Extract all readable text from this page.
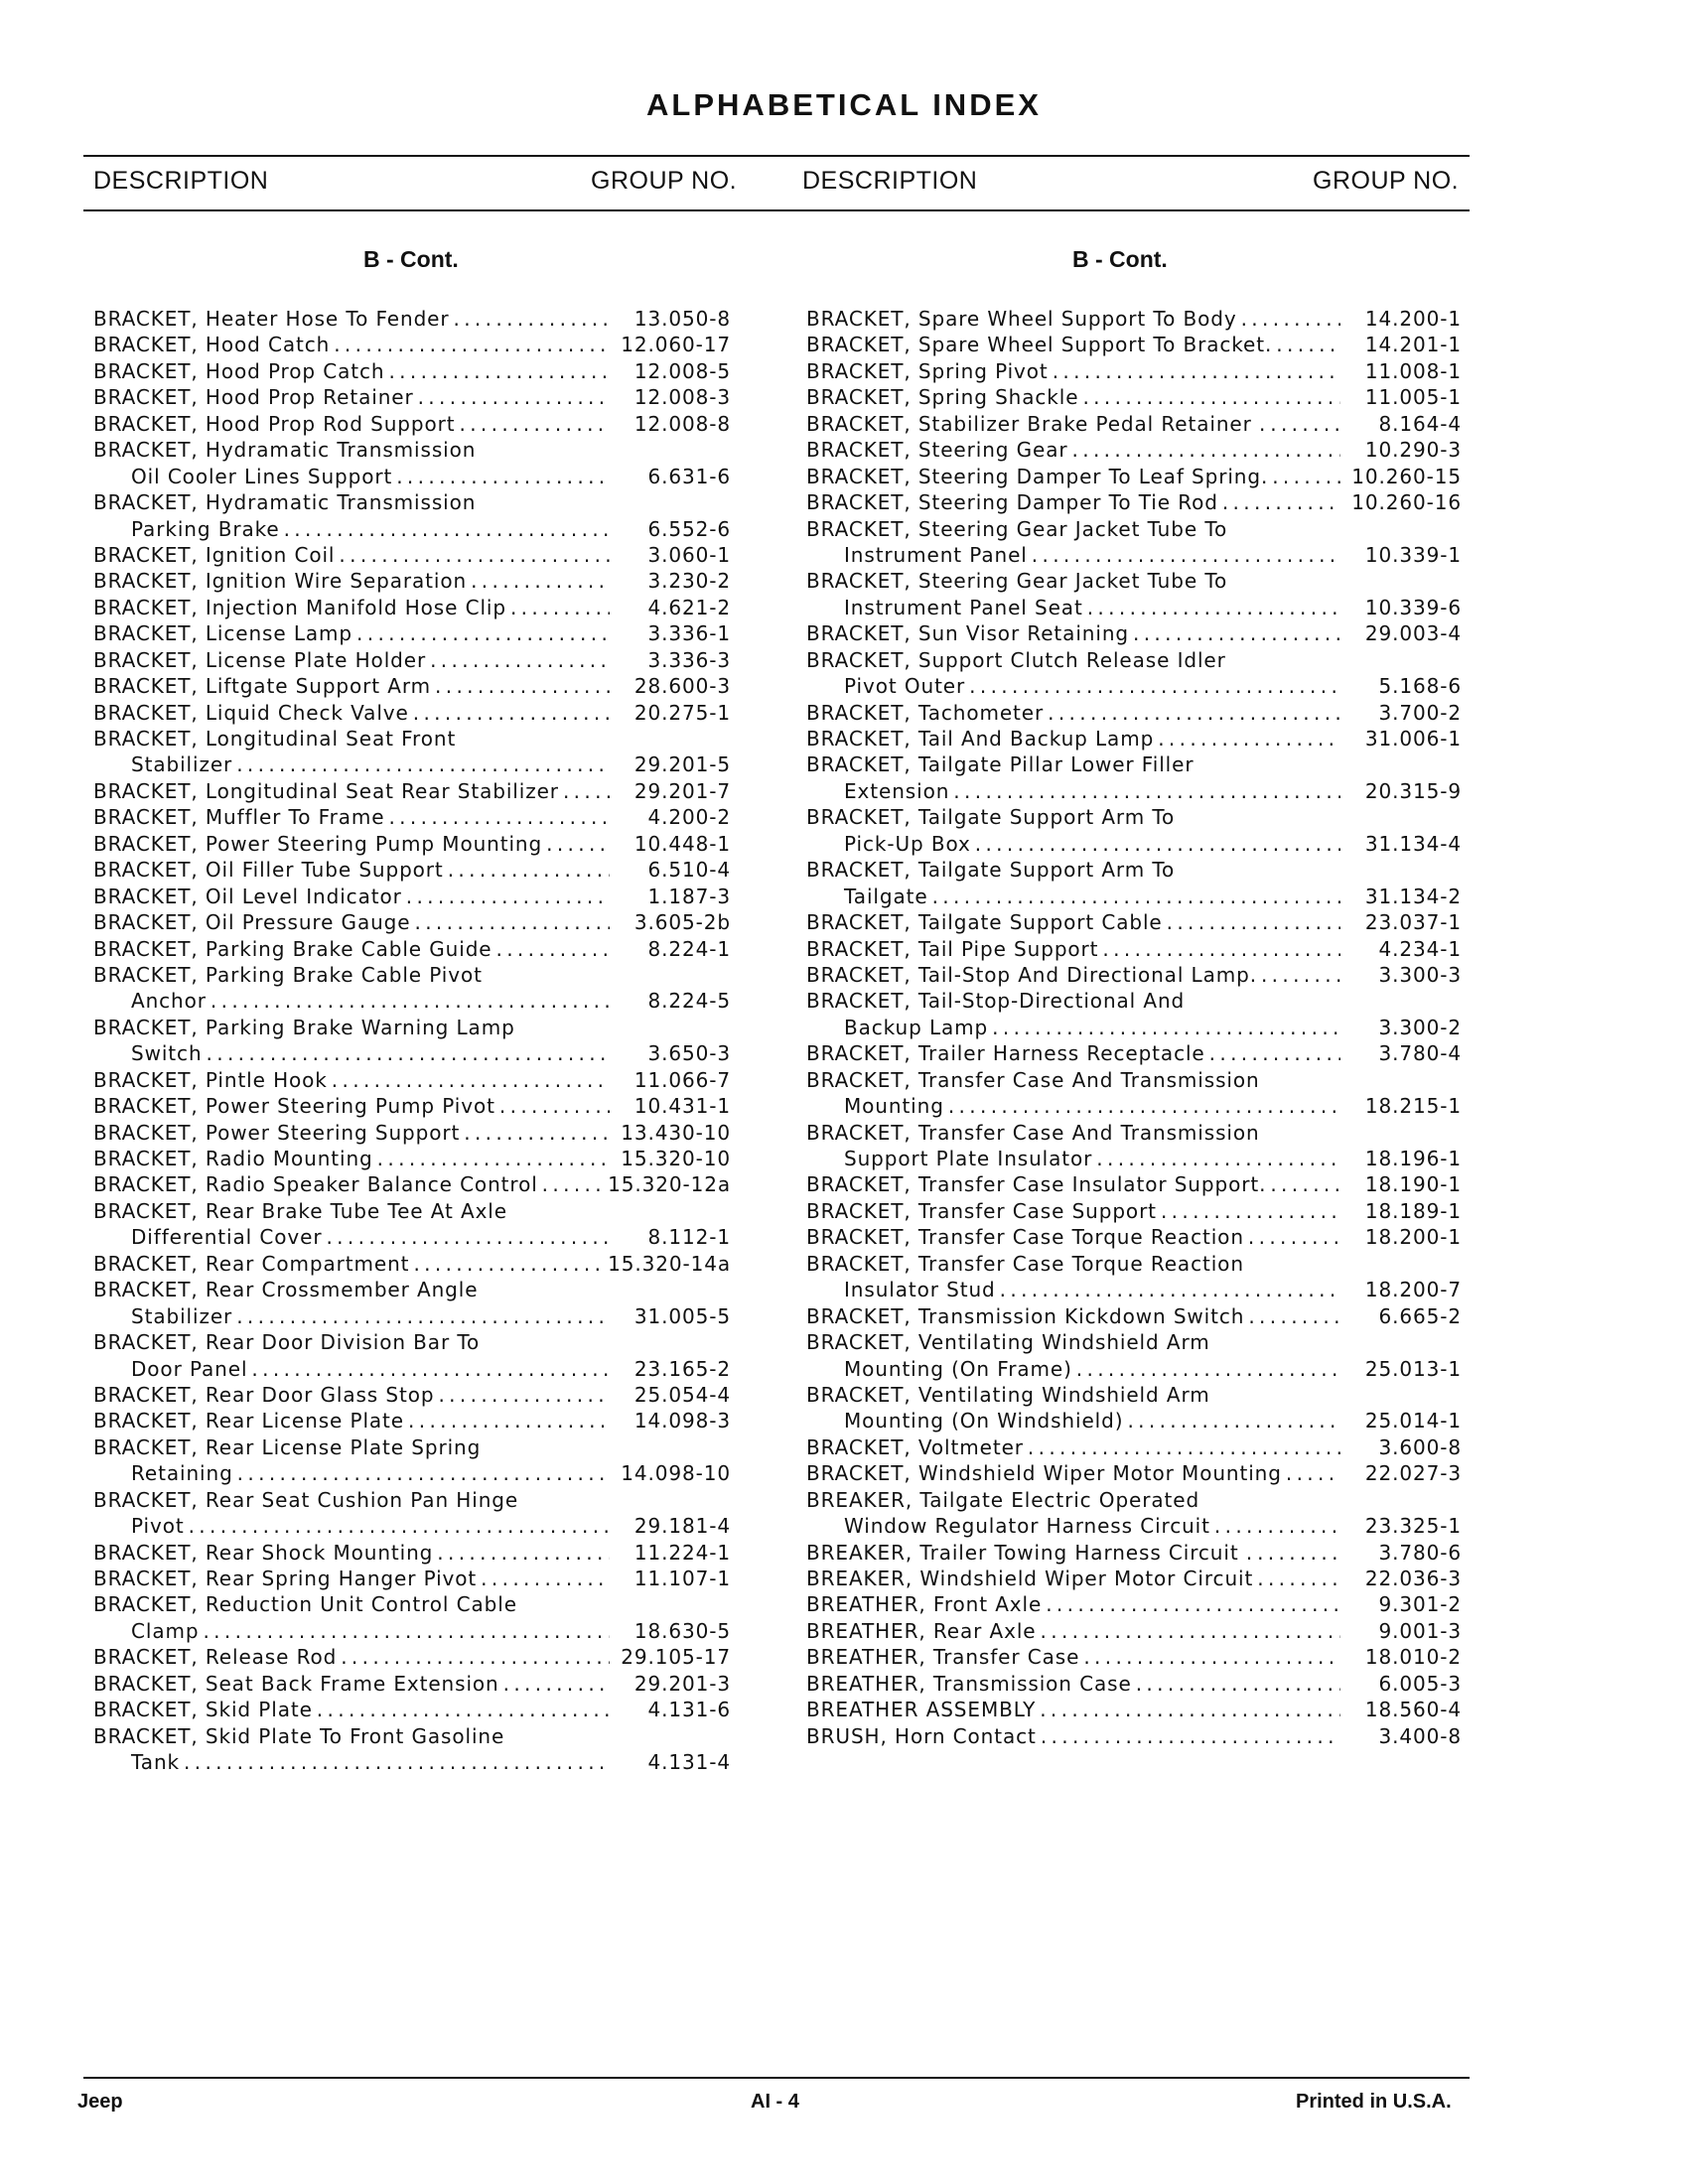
ALPHABETICAL INDEX
DESCRIPTION	GROUP NO.	DESCRIPTION	GROUP NO.
B - Cont.	B - Cont.
BRACKET, Heater Hose To Fender . . .	13.050-8
BRACKET, Hood Catch . . .	12.060-17
BRACKET, Hood Prop Catch . . .	12.008-5
BRACKET, Hood Prop Retainer . . .	12.008-3
BRACKET, Hood Prop Rod Support . . .	12.008-8
BRACKET, Hydramatic Transmission
Oil Cooler Lines Support . . .	6.631-6
BRACKET, Hydramatic Transmission
Parking Brake . . .	6.552-6
BRACKET, Ignition Coil . . .	3.060-1
BRACKET, Ignition Wire Separation . . .	3.230-2
BRACKET, Injection Manifold Hose Clip . . .	4.621-2
BRACKET, License Lamp . . .	3.336-1
BRACKET, License Plate Holder . . .	3.336-3
BRACKET, Liftgate Support Arm . . .	28.600-3
BRACKET, Liquid Check Valve . . .	20.275-1
BRACKET, Longitudinal Seat Front
Stabilizer . . .	29.201-5
BRACKET, Longitudinal Seat Rear Stabilizer . . .	29.201-7
BRACKET, Muffler To Frame . . .	4.200-2
BRACKET, Power Steering Pump Mounting . . .	10.448-1
BRACKET, Oil Filler Tube Support . . .	6.510-4
BRACKET, Oil Level Indicator . . .	1.187-3
BRACKET, Oil Pressure Gauge . . .	3.605-2b
BRACKET, Parking Brake Cable Guide . . .	8.224-1
BRACKET, Parking Brake Cable Pivot
Anchor . . .	8.224-5
BRACKET, Parking Brake Warning Lamp
Switch . . .	3.650-3
BRACKET, Pintle Hook . . .	11.066-7
BRACKET, Power Steering Pump Pivot . . .	10.431-1
BRACKET, Power Steering Support . . .	13.430-10
BRACKET, Radio Mounting . . .	15.320-10
BRACKET, Radio Speaker Balance Control . . .	15.320-12a
BRACKET, Rear Brake Tube Tee At Axle
Differential Cover . . .	8.112-1
BRACKET, Rear Compartment . . .	15.320-14a
BRACKET, Rear Crossmember Angle
Stabilizer . . .	31.005-5
BRACKET, Rear Door Division Bar To
Door Panel . . .	23.165-2
BRACKET, Rear Door Glass Stop . . .	25.054-4
BRACKET, Rear License Plate . . .	14.098-3
BRACKET, Rear License Plate Spring
Retaining . . .	14.098-10
BRACKET, Rear Seat Cushion Pan Hinge
Pivot . . .	29.181-4
BRACKET, Rear Shock Mounting . . .	11.224-1
BRACKET, Rear Spring Hanger Pivot . . .	11.107-1
BRACKET, Reduction Unit Control Cable
Clamp . . .	18.630-5
BRACKET, Release Rod . . .	29.105-17
BRACKET, Seat Back Frame Extension . . .	29.201-3
BRACKET, Skid Plate . . .	4.131-6
BRACKET, Skid Plate To Front Gasoline
Tank . . .	4.131-4
BRACKET, Spare Wheel Support To Body . . .	14.200-1
BRACKET, Spare Wheel Support To Bracket. . . .	14.201-1
BRACKET, Spring Pivot . . .	11.008-1
BRACKET, Spring Shackle . . .	11.005-1
BRACKET, Stabilizer Brake Pedal Retainer . . . .	8.164-4
BRACKET, Steering Gear . . .	10.290-3
BRACKET, Steering Damper To Leaf Spring. . . .	10.260-15
BRACKET, Steering Damper To Tie Rod . . .	10.260-16
BRACKET, Steering Gear Jacket Tube To
Instrument Panel . . .	10.339-1
BRACKET, Steering Gear Jacket Tube To
Instrument Panel Seat . . .	10.339-6
BRACKET, Sun Visor Retaining . . .	29.003-4
BRACKET, Support Clutch Release Idler
Pivot Outer . . .	5.168-6
BRACKET, Tachometer . . .	3.700-2
BRACKET, Tail And Backup Lamp . . .	31.006-1
BRACKET, Tailgate Pillar Lower Filler
Extension . . .	20.315-9
BRACKET, Tailgate Support Arm To
Pick-Up Box . . .	31.134-4
BRACKET, Tailgate Support Arm To
Tailgate . . .	31.134-2
BRACKET, Tailgate Support Cable . . .	23.037-1
BRACKET, Tail Pipe Support . . .	4.234-1
BRACKET, Tail-Stop And Directional Lamp. . . .	3.300-3
BRACKET, Tail-Stop-Directional And
Backup Lamp . . .	3.300-2
BRACKET, Trailer Harness Receptacle . . .	3.780-4
BRACKET, Transfer Case And Transmission
Mounting . . .	18.215-1
BRACKET, Transfer Case And Transmission
Support Plate Insulator . . .	18.196-1
BRACKET, Transfer Case Insulator Support. . . .	18.190-1
BRACKET, Transfer Case Support . . .	18.189-1
BRACKET, Transfer Case Torque Reaction . . .	18.200-1
BRACKET, Transfer Case Torque Reaction
Insulator Stud . . .	18.200-7
BRACKET, Transmission Kickdown Switch . . .	6.665-2
BRACKET, Ventilating Windshield Arm
Mounting (On Frame) . . .	25.013-1
BRACKET, Ventilating Windshield Arm
Mounting (On Windshield) . . .	25.014-1
BRACKET, Voltmeter . . .	3.600-8
BRACKET, Windshield Wiper Motor Mounting . . .	22.027-3
BREAKER, Tailgate Electric Operated
Window Regulator Harness Circuit . . .	23.325-1
BREAKER, Trailer Towing Harness Circuit . . . .	3.780-6
BREAKER, Windshield Wiper Motor Circuit . . .	22.036-3
BREATHER, Front Axle . . .	9.301-2
BREATHER, Rear Axle . . .	9.001-3
BREATHER, Transfer Case . . .	18.010-2
BREATHER, Transmission Case . . .	6.005-3
BREATHER ASSEMBLY . . .	18.560-4
BRUSH, Horn Contact . . .	3.400-8
Jeep	AI - 4	Printed in U.S.A.
